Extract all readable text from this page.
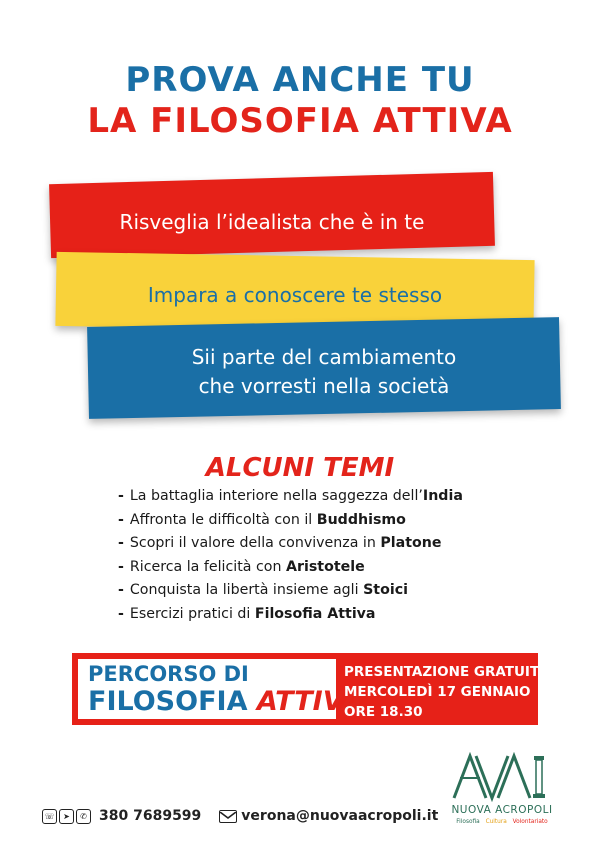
PROVA ANCHE TU
LA FILOSOFIA ATTIVA
Risveglia l’idealista che è in te
Impara a conoscere te stesso
Sii parte del cambiamento
che vorresti nella società
ALCUNI TEMI
- La battaglia interiore nella saggezza dell’India
- Affronta le difficoltà con il Buddhismo
- Scopri il valore della convivenza in Platone
- Ricerca la felicità con Aristotele
- Conquista la libertà insieme agli Stoici
- Esercizi pratici di Filosofia Attiva
PERCORSO DI
FILOSOFIA ATTIVA
PRESENTAZIONE GRATUITA
MERCOLEDÌ 17 GENNAIO
ORE 18.30
☏	➤	✆ 380 7689599	verona@nuovaacropoli.it	NUOVA ACROPOLI
Filosofia Cultura Volontariato
